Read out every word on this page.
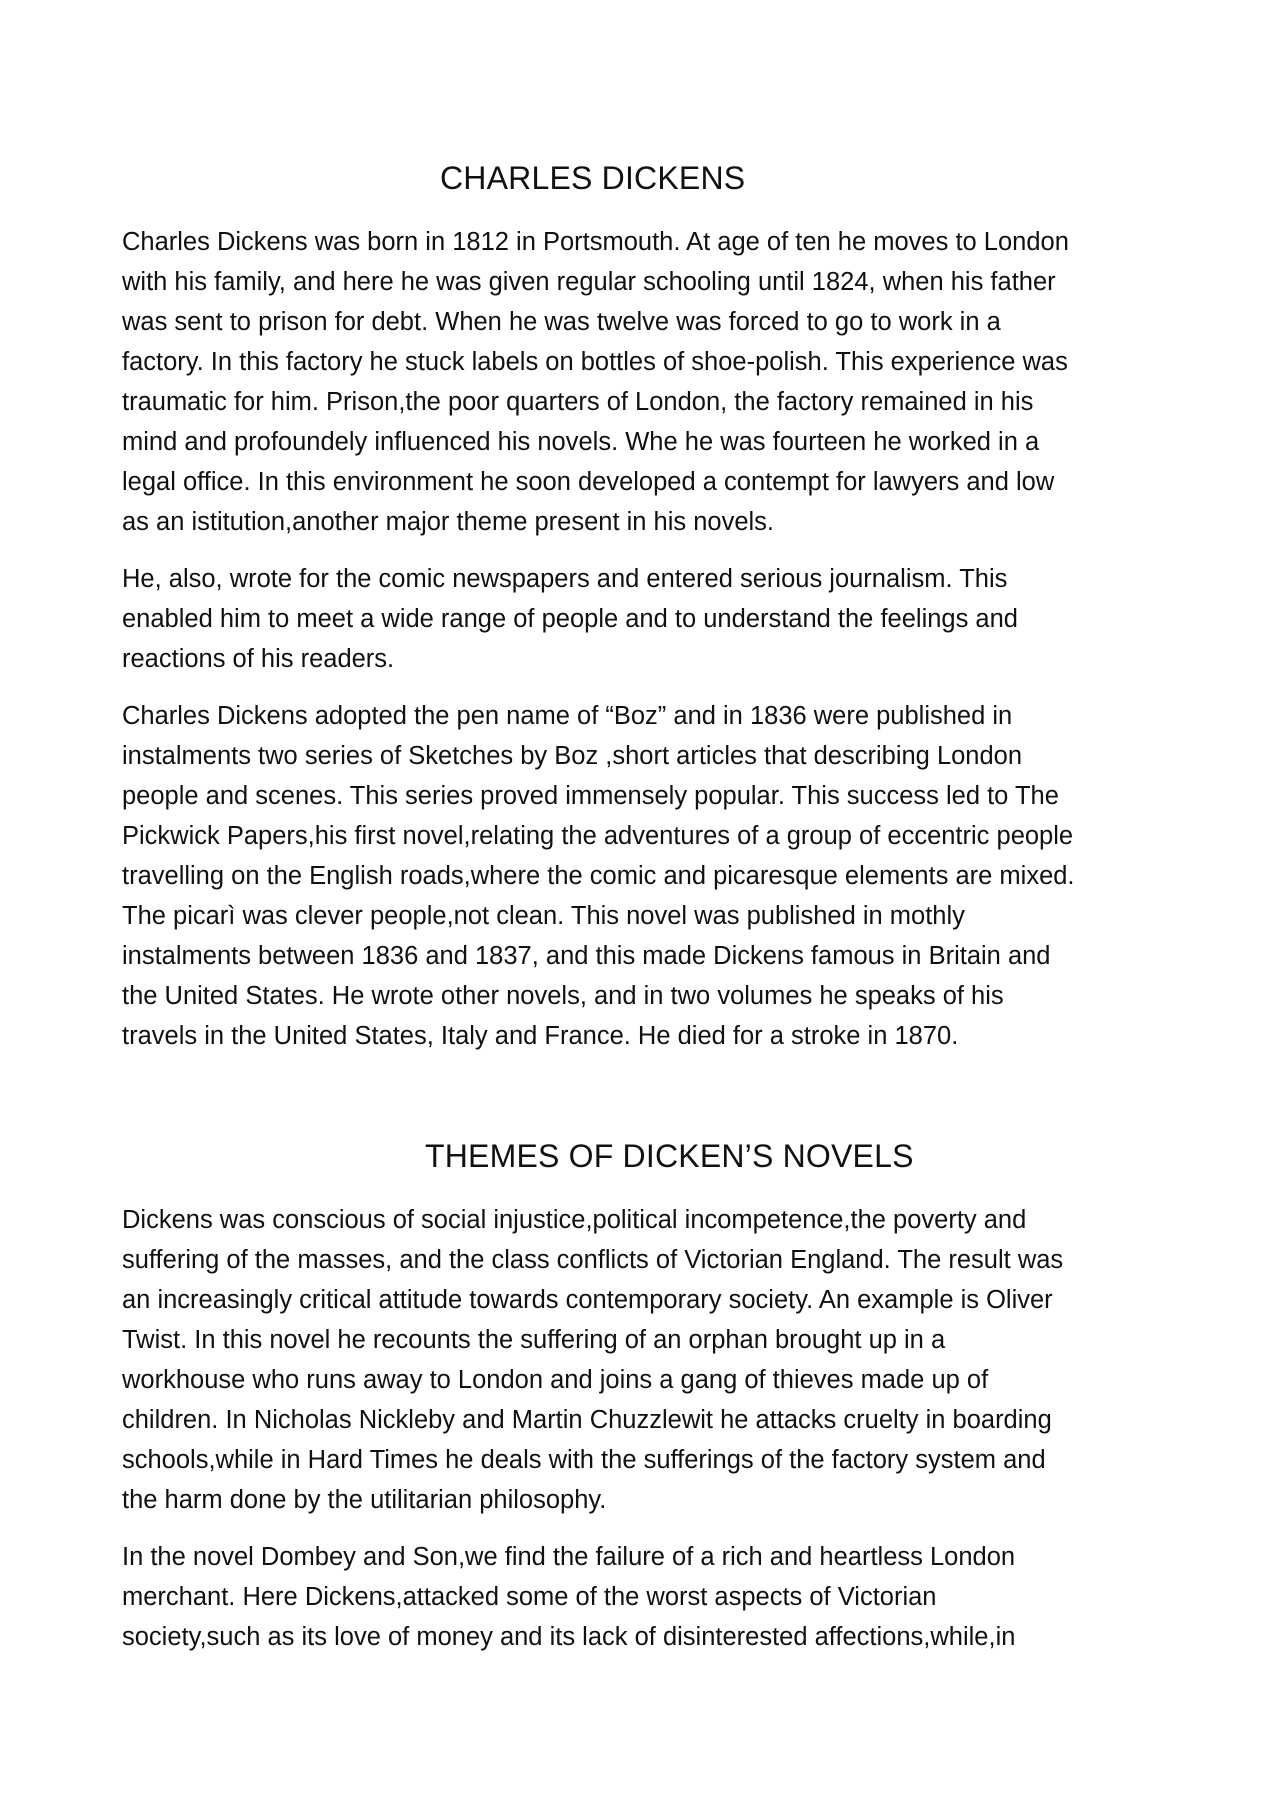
CHARLES DICKENS

Charles Dickens was born in 1812 in Portsmouth. At age of ten he moves to London
with his family, and here he was given regular schooling until 1824, when his father
was sent to prison for debt. When he was twelve was forced to go to work in a
factory. In this factory he stuck labels on bottles of shoe-polish. This experience was
traumatic for him. Prison,the poor quarters of London, the factory remained in his
mind and profoundely influenced his novels. Whe he was fourteen he worked in a
legal office. In this environment he soon developed a contempt for lawyers and low
as an istitution,another major theme present in his novels.

He, also, wrote for the comic newspapers and entered serious journalism. This
enabled him to meet a wide range of people and to understand the feelings and
reactions of his readers.

Charles Dickens adopted the pen name of “Boz” and in 1836 were published in
instalments two series of Sketches by Boz ,short articles that describing London
people and scenes. This series proved immensely popular. This success led to The
Pickwick Papers,his first novel,relating the adventures of a group of eccentric people
travelling on the English roads,where the comic and picaresque elements are mixed.
The picarì was clever people,not clean. This novel was published in mothly
instalments between 1836 and 1837, and this made Dickens famous in Britain and
the United States. He wrote other novels, and in two volumes he speaks of his
travels in the United States, Italy and France. He died for a stroke in 1870.

THEMES OF DICKEN’S NOVELS

Dickens was conscious of social injustice,political incompetence,the poverty and
suffering of the masses, and the class conflicts of Victorian England. The result was
an increasingly critical attitude towards contemporary society. An example is Oliver
Twist. In this novel he recounts the suffering of an orphan brought up in a
workhouse who runs away to London and joins a gang of thieves made up of
children. In Nicholas Nickleby and Martin Chuzzlewit he attacks cruelty in boarding
schools,while in Hard Times he deals with the sufferings of the factory system and
the harm done by the utilitarian philosophy.

In the novel Dombey and Son,we find the failure of a rich and heartless London
merchant. Here Dickens,attacked some of the worst aspects of Victorian
society,such as its love of money and its lack of disinterested affections,while,in
